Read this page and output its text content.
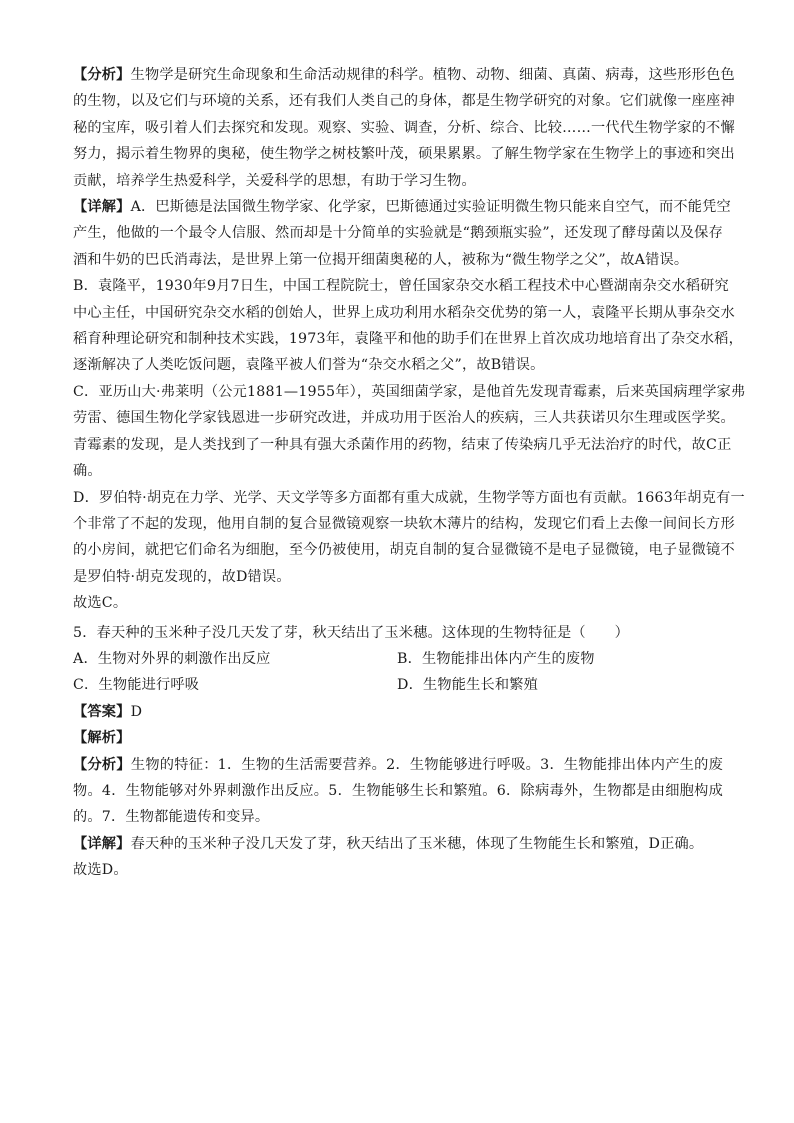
【分析】生物学是研究生命现象和生命活动规律的科学。植物、动物、细菌、真菌、病毒，这些形形色色
的生物，以及它们与环境的关系，还有我们人类自己的身体，都是生物学研究的对象。它们就像一座座神
秘的宝库，吸引着人们去探究和发现。观察、实验、调查，分析、综合、比较……一代代生物学家的不懈
努力，揭示着生物界的奥秘，使生物学之树枝繁叶茂，硕果累累。了解生物学家在生物学上的事迹和突出
贡献，培养学生热爱科学，关爱科学的思想，有助于学习生物。
【详解】A．巴斯德是法国微生物学家、化学家，巴斯德通过实验证明微生物只能来自空气，而不能凭空
产生，他做的一个最令人信服、然而却是十分简单的实验就是“鹅颈瓶实验”，还发现了酵母菌以及保存
酒和牛奶的巴氏消毒法，是世界上第一位揭开细菌奥秘的人，被称为“微生物学之父”，故A错误。
B．袁隆平，1930年9月7日生，中国工程院院士，曾任国家杂交水稻工程技术中心暨湖南杂交水稻研究
中心主任，中国研究杂交水稻的创始人，世界上成功利用水稻杂交优势的第一人，袁隆平长期从事杂交水
稻育种理论研究和制种技术实践，1973年，袁隆平和他的助手们在世界上首次成功地培育出了杂交水稻，
逐渐解决了人类吃饭问题，袁隆平被人们誉为“杂交水稻之父”，故B错误。
C．亚历山大·弗莱明（公元1881—1955年），英国细菌学家，是他首先发现青霉素，后来英国病理学家弗
劳雷、德国生物化学家钱恩进一步研究改进，并成功用于医治人的疾病，三人共获诺贝尔生理或医学奖。
青霉素的发现，是人类找到了一种具有强大杀菌作用的药物，结束了传染病几乎无法治疗的时代，故C正
确。
D．罗伯特·胡克在力学、光学、天文学等多方面都有重大成就，生物学等方面也有贡献。1663年胡克有一
个非常了不起的发现，他用自制的复合显微镜观察一块软木薄片的结构，发现它们看上去像一间间长方形
的小房间，就把它们命名为细胞，至今仍被使用，胡克自制的复合显微镜不是电子显微镜，电子显微镜不
是罗伯特·胡克发现的，故D错误。
故选C。
5．春天种的玉米种子没几天发了芽，秋天结出了玉米穗。这体现的生物特征是（　　）
A．生物对外界的刺激作出反应	B．生物能排出体内产生的废物
C．生物能进行呼吸	D．生物能生长和繁殖
【答案】D
【解析】
【分析】生物的特征：1．生物的生活需要营养。2．生物能够进行呼吸。3．生物能排出体内产生的废
物。4．生物能够对外界刺激作出反应。5．生物能够生长和繁殖。6．除病毒外，生物都是由细胞构成
的。7．生物都能遗传和变异。
【详解】春天种的玉米种子没几天发了芽，秋天结出了玉米穗，体现了生物能生长和繁殖，D正确。
故选D。
